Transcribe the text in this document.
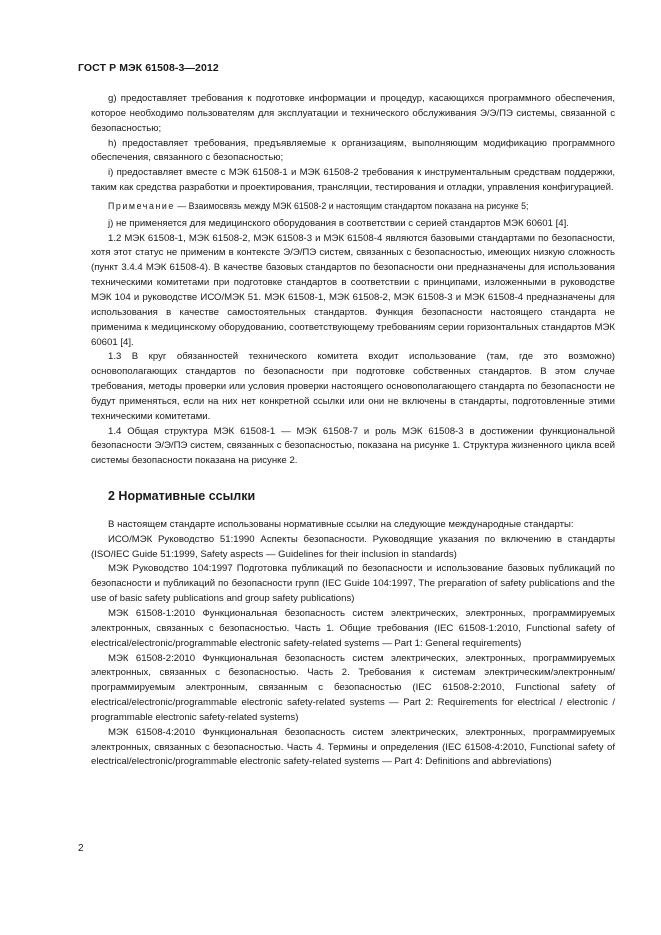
ГОСТ Р МЭК 61508-3—2012

g) предоставляет требования к подготовке информации и процедур, касающихся программного обеспечения, которое необходимо пользователям для эксплуатации и технического обслуживания Э/Э/ПЭ системы, связанной с безопасностью;

h) предоставляет требования, предъявляемые к организациям, выполняющим модификацию программного обеспечения, связанного с безопасностью;

i) предоставляет вместе с МЭК 61508-1 и МЭК 61508-2 требования к инструментальным средствам поддержки, таким как средства разработки и проектирования, трансляции, тестирования и отладки, управления конфигурацией.

Примечание — Взаимосвязь между МЭК 61508-2 и настоящим стандартом показана на рисунке 5;

j) не применяется для медицинского оборудования в соответствии с серией стандартов МЭК 60601 [4].

1.2 МЭК 61508-1, МЭК 61508-2, МЭК 61508-3 и МЭК 61508-4 являются базовыми стандартами по безопасности, хотя этот статус не применим в контексте Э/Э/ПЭ систем, связанных с безопасностью, имеющих низкую сложность (пункт 3.4.4 МЭК 61508-4). В качестве базовых стандартов по безопасности они предназначены для использования техническими комитетами при подготовке стандартов в соответствии с принципами, изложенными в руководстве МЭК 104 и руководстве ИСО/МЭК 51. МЭК 61508-1, МЭК 61508-2, МЭК 61508-3 и МЭК 61508-4 предназначены для использования в качестве самостоятельных стандартов. Функция безопасности настоящего стандарта не применима к медицинскому оборудованию, соответствующему требованиям серии горизонтальных стандартов МЭК 60601 [4].

1.3 В круг обязанностей технического комитета входит использование (там, где это возможно) основополагающих стандартов по безопасности при подготовке собственных стандартов. В этом случае требования, методы проверки или условия проверки настоящего основополагающего стандарта по безопасности не будут применяться, если на них нет конкретной ссылки или они не включены в стандарты, подготовленные этими техническими комитетами.

1.4 Общая структура МЭК 61508-1 — МЭК 61508-7 и роль МЭК 61508-3 в достижении функциональной безопасности Э/Э/ПЭ систем, связанных с безопасностью, показана на рисунке 1. Структура жизненного цикла всей системы безопасности показана на рисунке 2.

2 Нормативные ссылки

В настоящем стандарте использованы нормативные ссылки на следующие международные стандарты:

ИСО/МЭК Руководство 51:1990 Аспекты безопасности. Руководящие указания по включению в стандарты (ISO/IEC Guide 51:1999, Safety aspects — Guidelines for their inclusion in standards)

МЭК Руководство 104:1997 Подготовка публикаций по безопасности и использование базовых публикаций по безопасности и публикаций по безопасности групп (IEC Guide 104:1997, The preparation of safety publications and the use of basic safety publications and group safety publications)

МЭК 61508-1:2010 Функциональная безопасность систем электрических, электронных, программируемых электронных, связанных с безопасностью. Часть 1. Общие требования (IEC 61508-1:2010, Functional safety of electrical/electronic/programmable electronic safety-related systems — Part 1: General requirements)

МЭК 61508-2:2010 Функциональная безопасность систем электрических, электронных, программируемых электронных, связанных с безопасностью. Часть 2. Требования к системам электрическим/электронным/программируемым электронным, связанным с безопасностью (IEC 61508-2:2010, Functional safety of electrical/electronic/programmable electronic safety-related systems — Part 2: Requirements for electrical / electronic / programmable electronic safety-related systems)

МЭК 61508-4:2010 Функциональная безопасность систем электрических, электронных, программируемых электронных, связанных с безопасностью. Часть 4. Термины и определения (IEC 61508-4:2010, Functional safety of electrical/electronic/programmable electronic safety-related systems — Part 4: Definitions and abbreviations)

2
